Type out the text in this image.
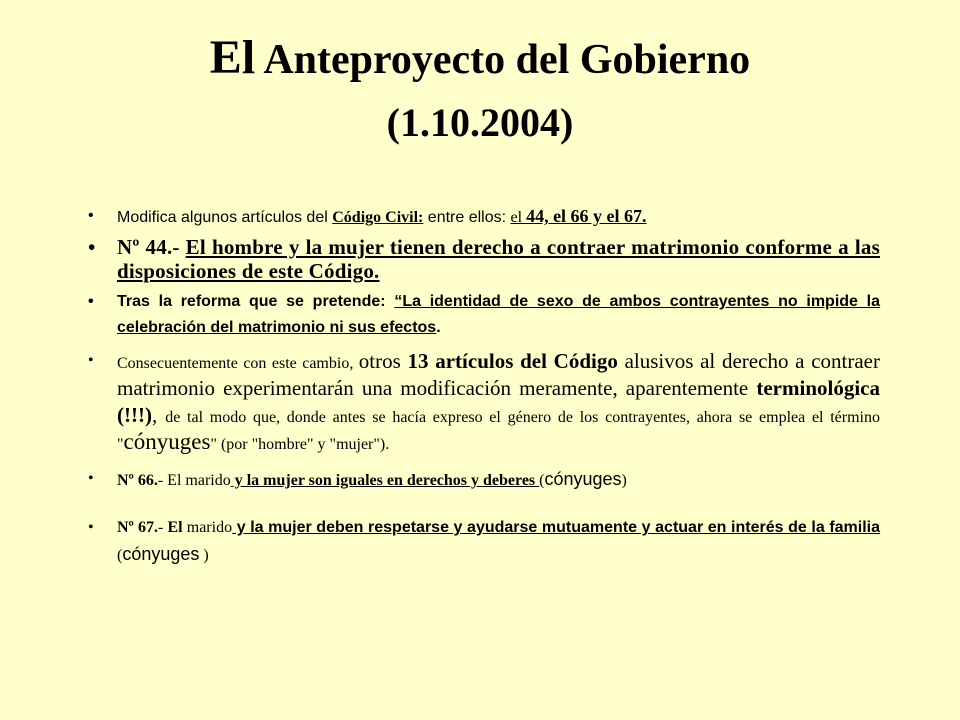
El Anteproyecto del Gobierno
(1.10.2004)
• Modifica algunos artículos del Código Civil: entre ellos: el 44, el 66 y el 67.
• Nº 44.- El hombre y la mujer tienen derecho a contraer matrimonio conforme a las disposiciones de este Código.
• Tras la reforma que se pretende: “La identidad de sexo de ambos contrayentes no impide la celebración del matrimonio ni sus efectos.
• Consecuentemente con este cambio, otros 13 artículos del Código alusivos al derecho a contraer matrimonio experimentarán una modificación meramente, aparentemente terminológica (!!!), de tal modo que, donde antes se hacía expreso el género de los contrayentes, ahora se emplea el término "cónyuges" (por "hombre" y "mujer").
• Nº 66.- El marido y la mujer son iguales en derechos y deberes (cónyuges)
• Nº 67.- El marido y la mujer deben respetarse y ayudarse mutuamente y actuar en interés de la familia (cónyuges )
